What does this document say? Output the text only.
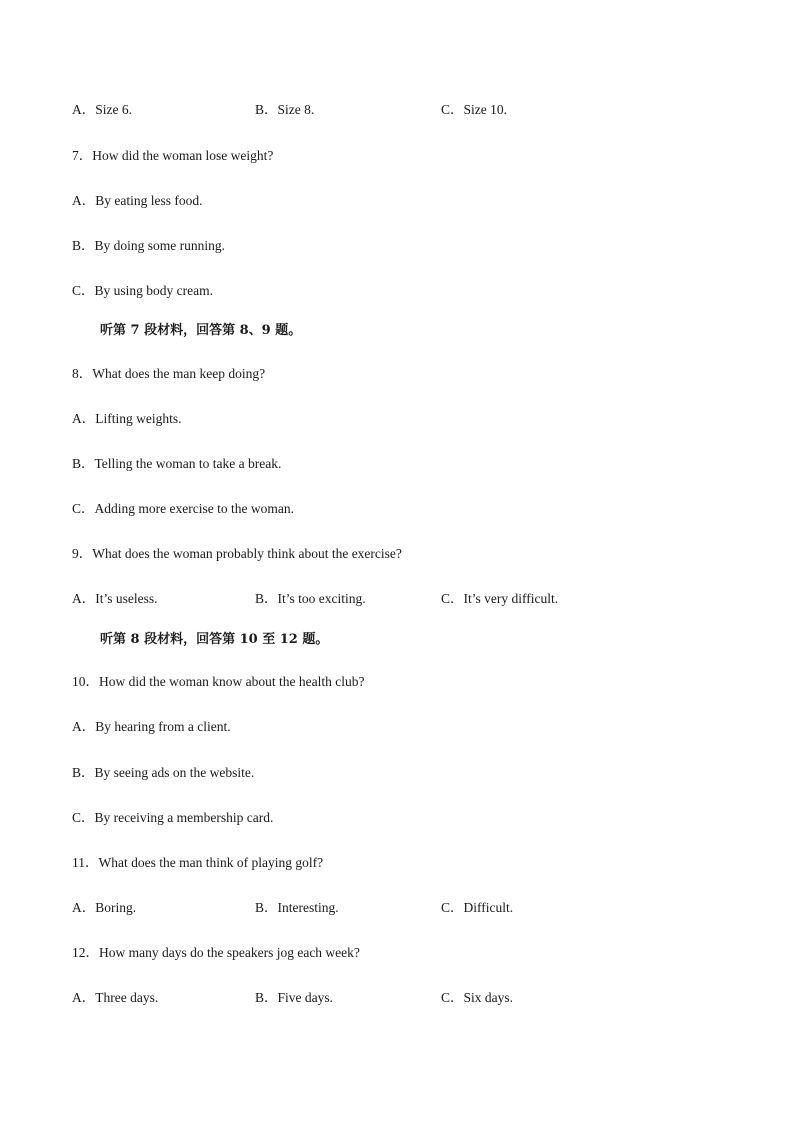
A．Size 6.	B．Size 8.	C．Size 10.
7．How did the woman lose weight?
A．By eating less food.
B．By doing some running.
C．By using body cream.
听第 7 段材料，回答第 8、9 题。
8．What does the man keep doing?
A．Lifting weights.
B．Telling the woman to take a break.
C．Adding more exercise to the woman.
9．What does the woman probably think about the exercise?
A．It’s useless.	B．It’s too exciting.	C．It’s very difficult.
听第 8 段材料，回答第 10 至 12 题。
10．How did the woman know about the health club?
A．By hearing from a client.
B．By seeing ads on the website.
C．By receiving a membership card.
11．What does the man think of playing golf?
A．Boring.	B．Interesting.	C．Difficult.
12．How many days do the speakers jog each week?
A．Three days.	B．Five days.	C．Six days.
